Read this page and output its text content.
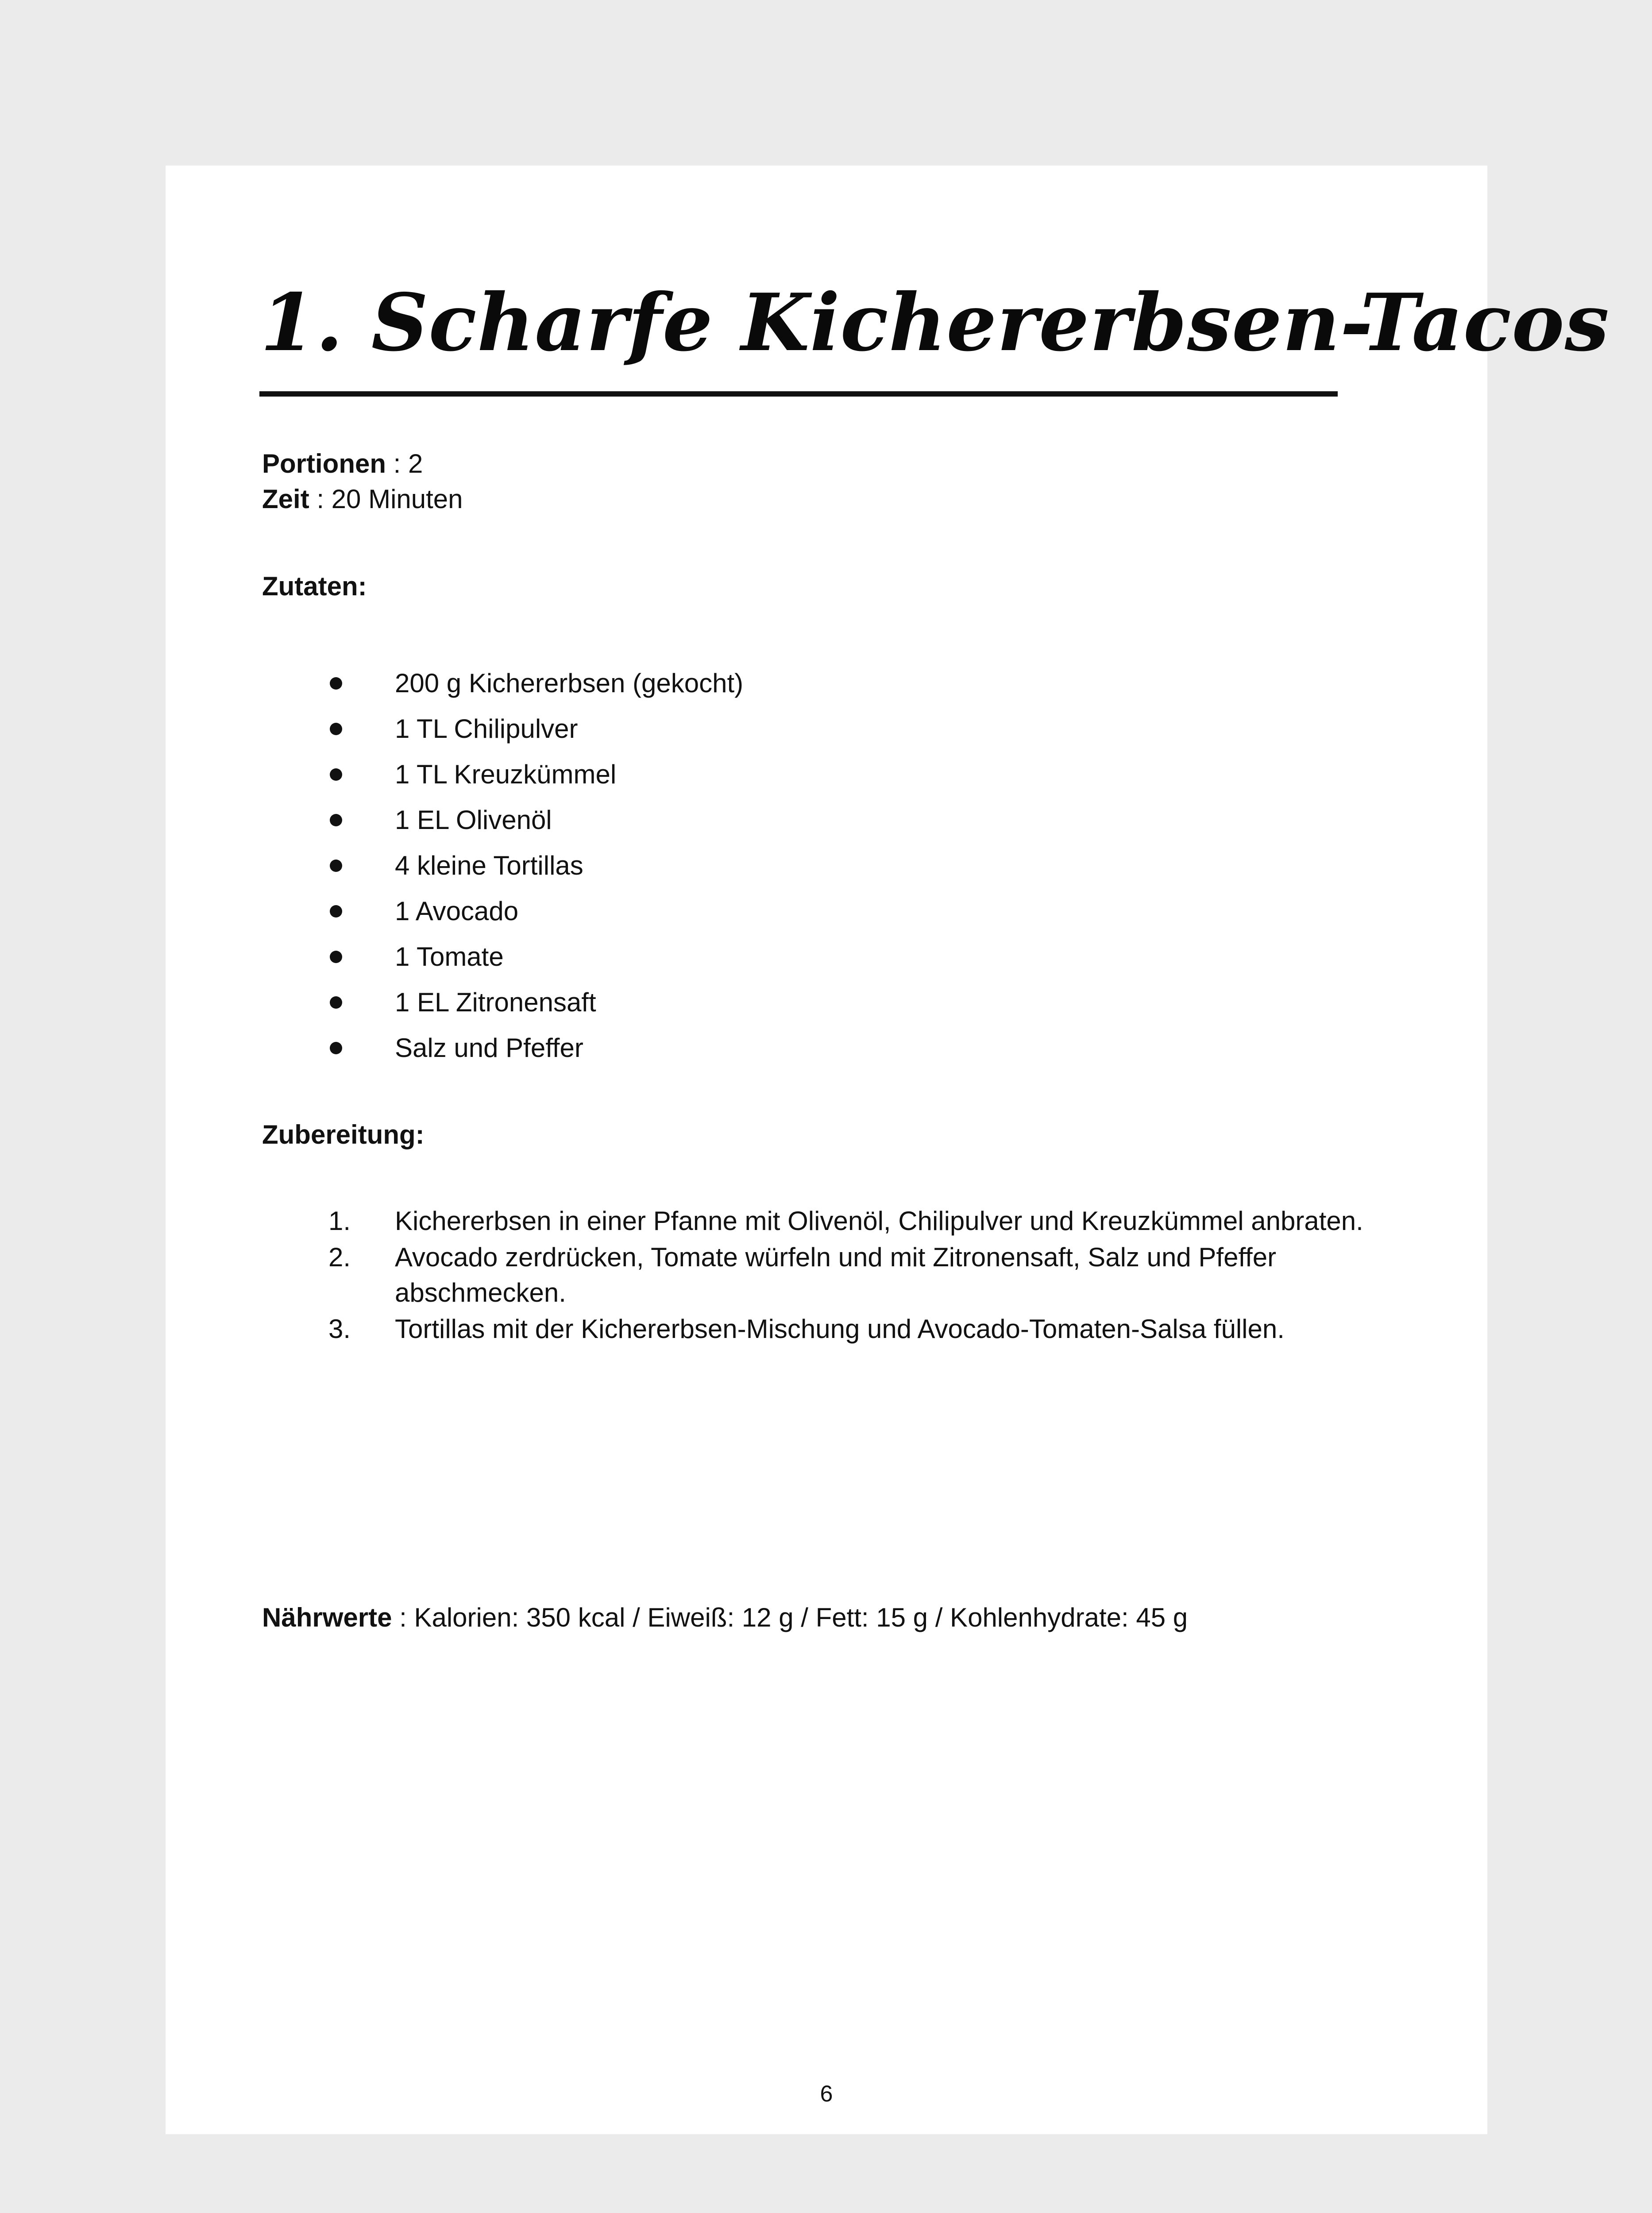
1. Scharfe Kichererbsen-Tacos
Portionen : 2
Zeit : 20 Minuten
Zutaten:
200 g Kichererbsen (gekocht)
1 TL Chilipulver
1 TL Kreuzkümmel
1 EL Olivenöl
4 kleine Tortillas
1 Avocado
1 Tomate
1 EL Zitronensaft
Salz und Pfeffer
Zubereitung:
1. Kichererbsen in einer Pfanne mit Olivenöl, Chilipulver und Kreuzkümmel anbraten.
2. Avocado zerdrücken, Tomate würfeln und mit Zitronensaft, Salz und Pfeffer abschmecken.
3. Tortillas mit der Kichererbsen-Mischung und Avocado-Tomaten-Salsa füllen.
Nährwerte : Kalorien: 350 kcal / Eiweiß: 12 g / Fett: 15 g / Kohlenhydrate: 45 g
6
